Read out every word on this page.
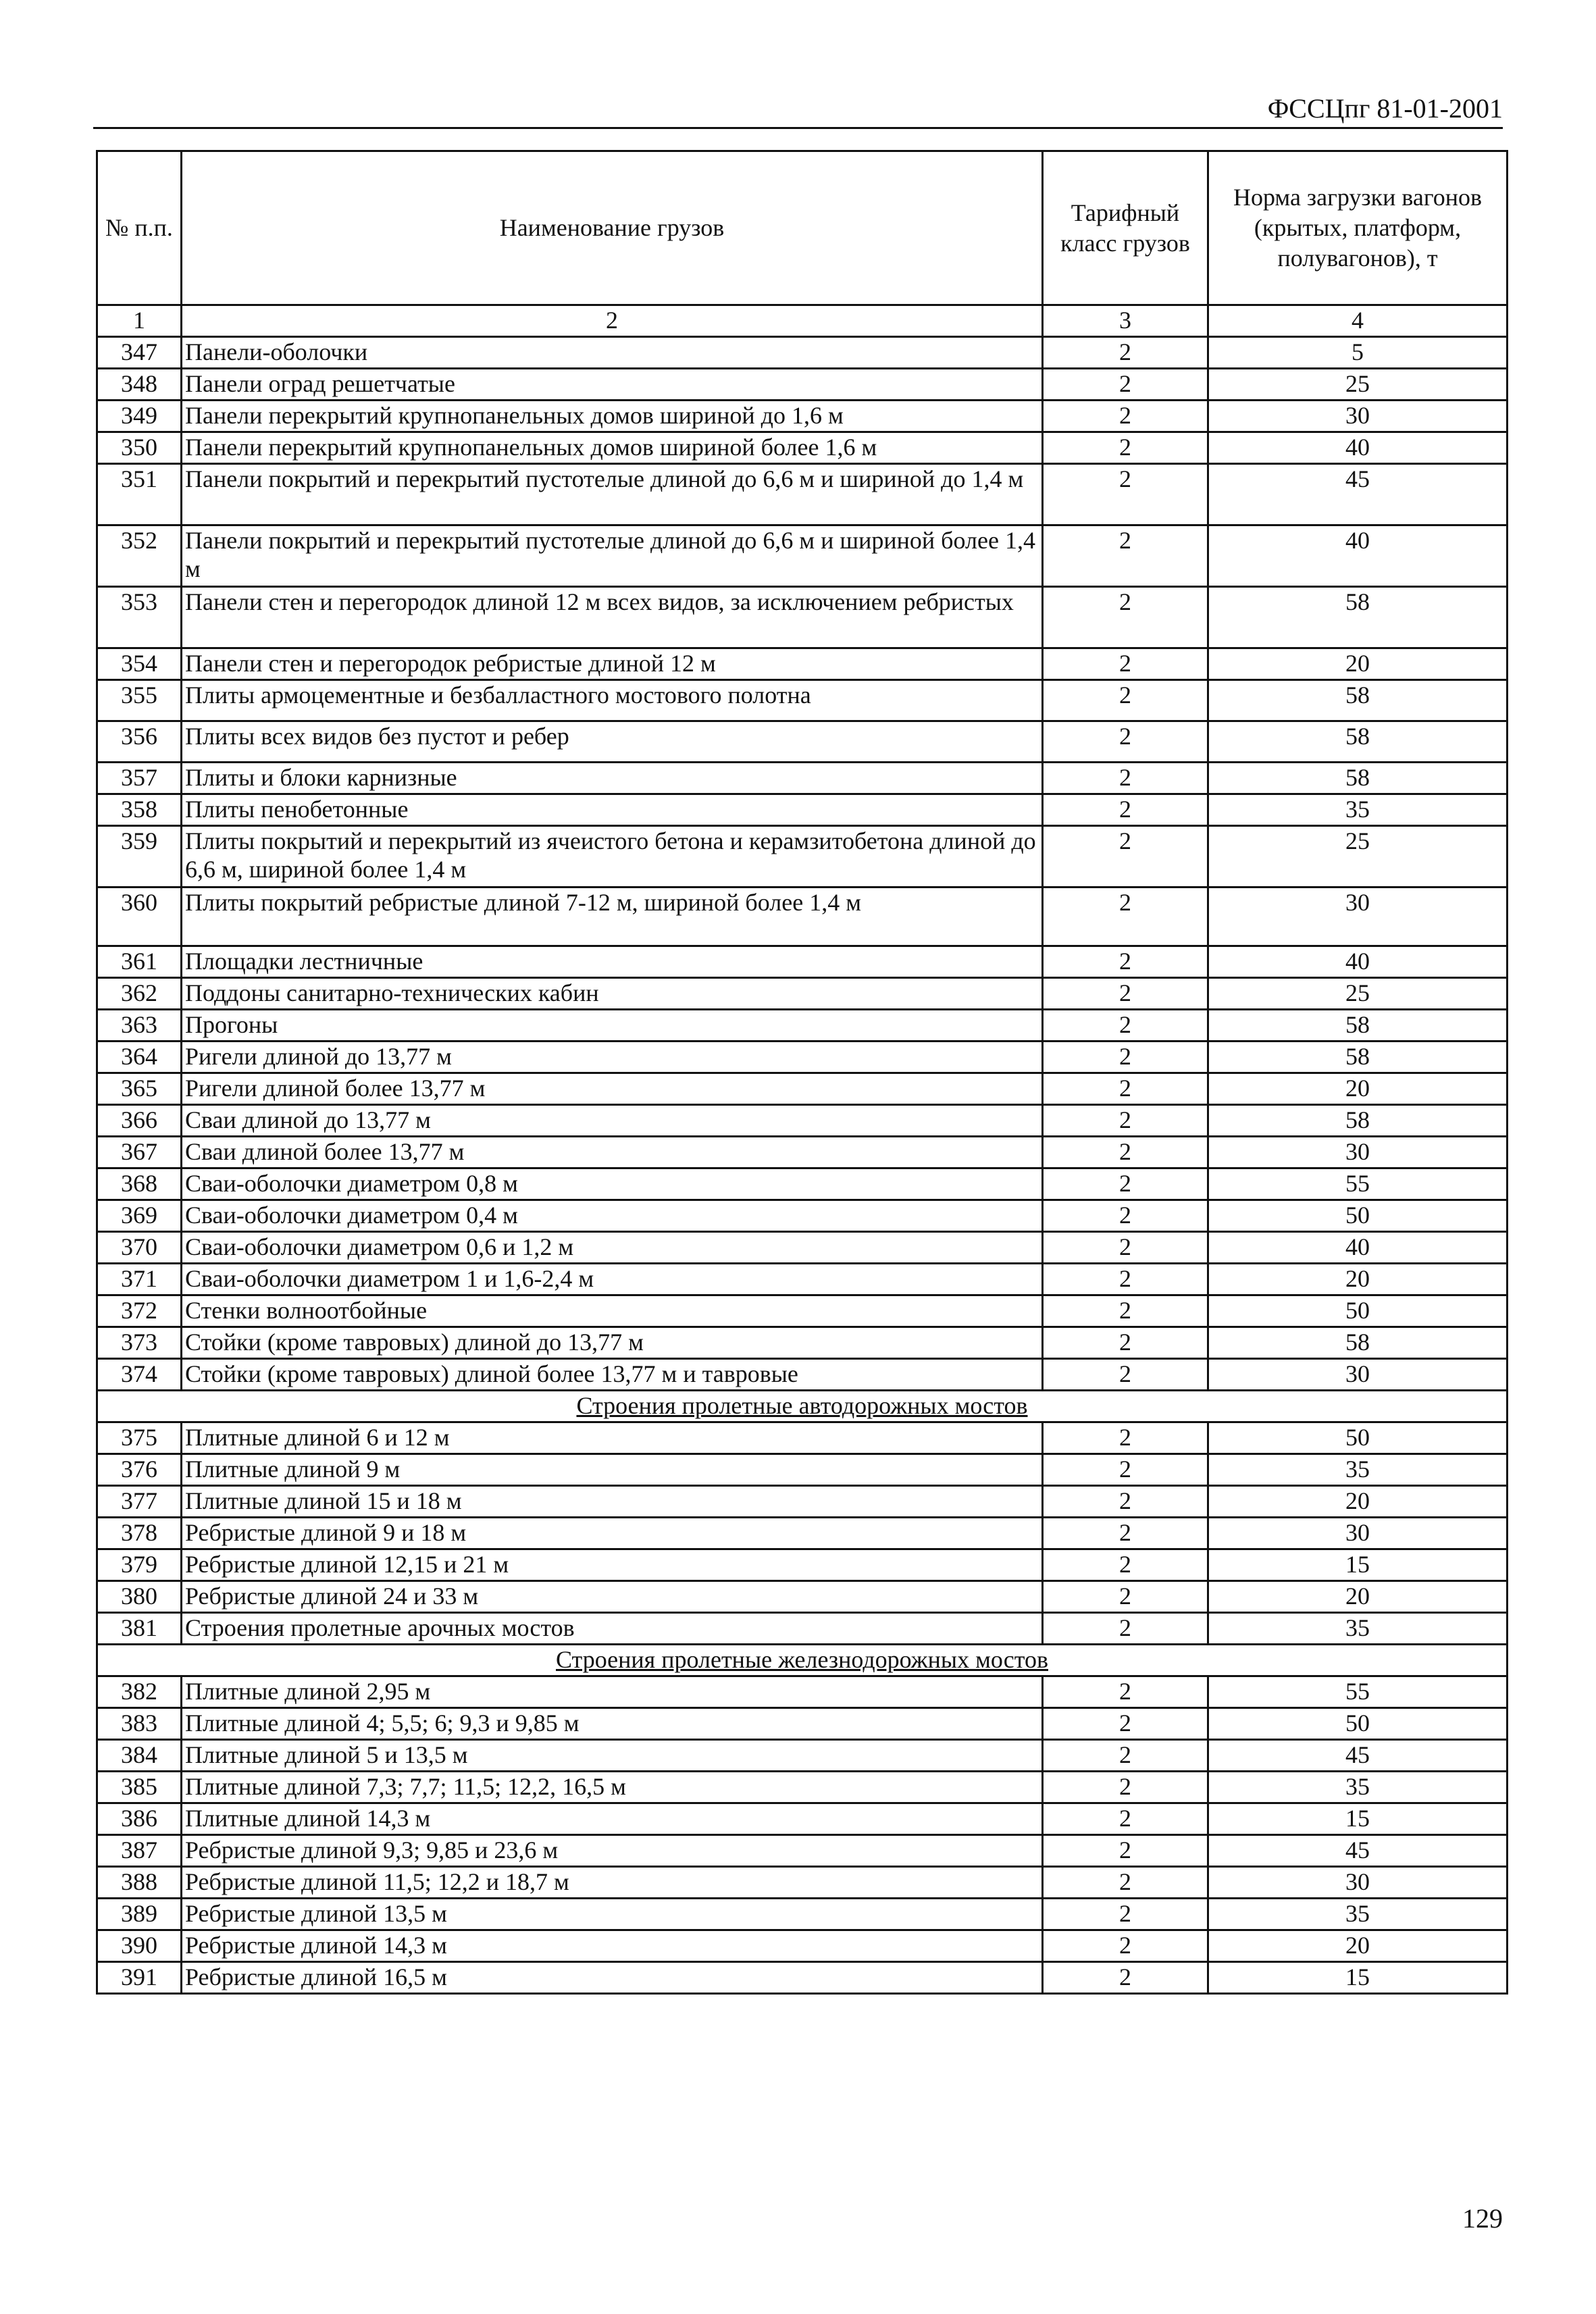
ФССЦпг 81-01-2001
№ п.п.	Наименование грузов	Тарифный класс грузов	Норма загрузки вагонов (крытых, платформ, полувагонов), т
1	2	3	4
347	Панели-оболочки	2	5
348	Панели оград решетчатые	2	25
349	Панели перекрытий крупнопанельных домов шириной до 1,6 м	2	30
350	Панели перекрытий крупнопанельных домов шириной более 1,6 м	2	40
351	Панели покрытий и перекрытий пустотелые длиной до 6,6 м и шириной до 1,4 м	2	45
352	Панели покрытий и перекрытий пустотелые длиной до 6,6 м и шириной более 1,4 м	2	40
353	Панели стен и перегородок длиной 12 м всех видов, за исключением ребристых	2	58
354	Панели стен и перегородок ребристые длиной 12 м	2	20
355	Плиты армоцементные и безбалластного мостового полотна	2	58
356	Плиты всех видов без пустот и ребер	2	58
357	Плиты и блоки карнизные	2	58
358	Плиты пенобетонные	2	35
359	Плиты покрытий и перекрытий из ячеистого бетона и керамзитобетона длиной до 6,6 м, шириной более 1,4 м	2	25
360	Плиты покрытий ребристые длиной 7-12 м, шириной более 1,4 м	2	30
361	Площадки лестничные	2	40
362	Поддоны санитарно-технических кабин	2	25
363	Прогоны	2	58
364	Ригели длиной до 13,77 м	2	58
365	Ригели длиной более 13,77 м	2	20
366	Сваи длиной до 13,77 м	2	58
367	Сваи длиной более 13,77 м	2	30
368	Сваи-оболочки диаметром 0,8 м	2	55
369	Сваи-оболочки диаметром 0,4 м	2	50
370	Сваи-оболочки диаметром 0,6 и 1,2 м	2	40
371	Сваи-оболочки диаметром 1 и 1,6-2,4 м	2	20
372	Стенки волноотбойные	2	50
373	Стойки (кроме тавровых) длиной до 13,77 м	2	58
374	Стойки (кроме тавровых) длиной более 13,77 м и тавровые	2	30
Строения пролетные автодорожных мостов			
375	Плитные длиной 6 и 12 м	2	50
376	Плитные длиной 9 м	2	35
377	Плитные длиной 15 и 18 м	2	20
378	Ребристые длиной 9 и 18 м	2	30
379	Ребристые длиной 12,15 и 21 м	2	15
380	Ребристые длиной 24 и 33 м	2	20
381	Строения пролетные арочных мостов	2	35
Строения пролетные железнодорожных мостов			
382	Плитные длиной 2,95 м	2	55
383	Плитные длиной 4; 5,5; 6; 9,3 и 9,85 м	2	50
384	Плитные длиной 5 и 13,5 м	2	45
385	Плитные длиной 7,3; 7,7; 11,5; 12,2, 16,5 м	2	35
386	Плитные длиной 14,3 м	2	15
387	Ребристые длиной 9,3; 9,85 и 23,6 м	2	45
388	Ребристые длиной 11,5; 12,2 и 18,7 м	2	30
389	Ребристые длиной 13,5 м	2	35
390	Ребристые длиной 14,3 м	2	20
391	Ребристые длиной 16,5 м	2	15
129
